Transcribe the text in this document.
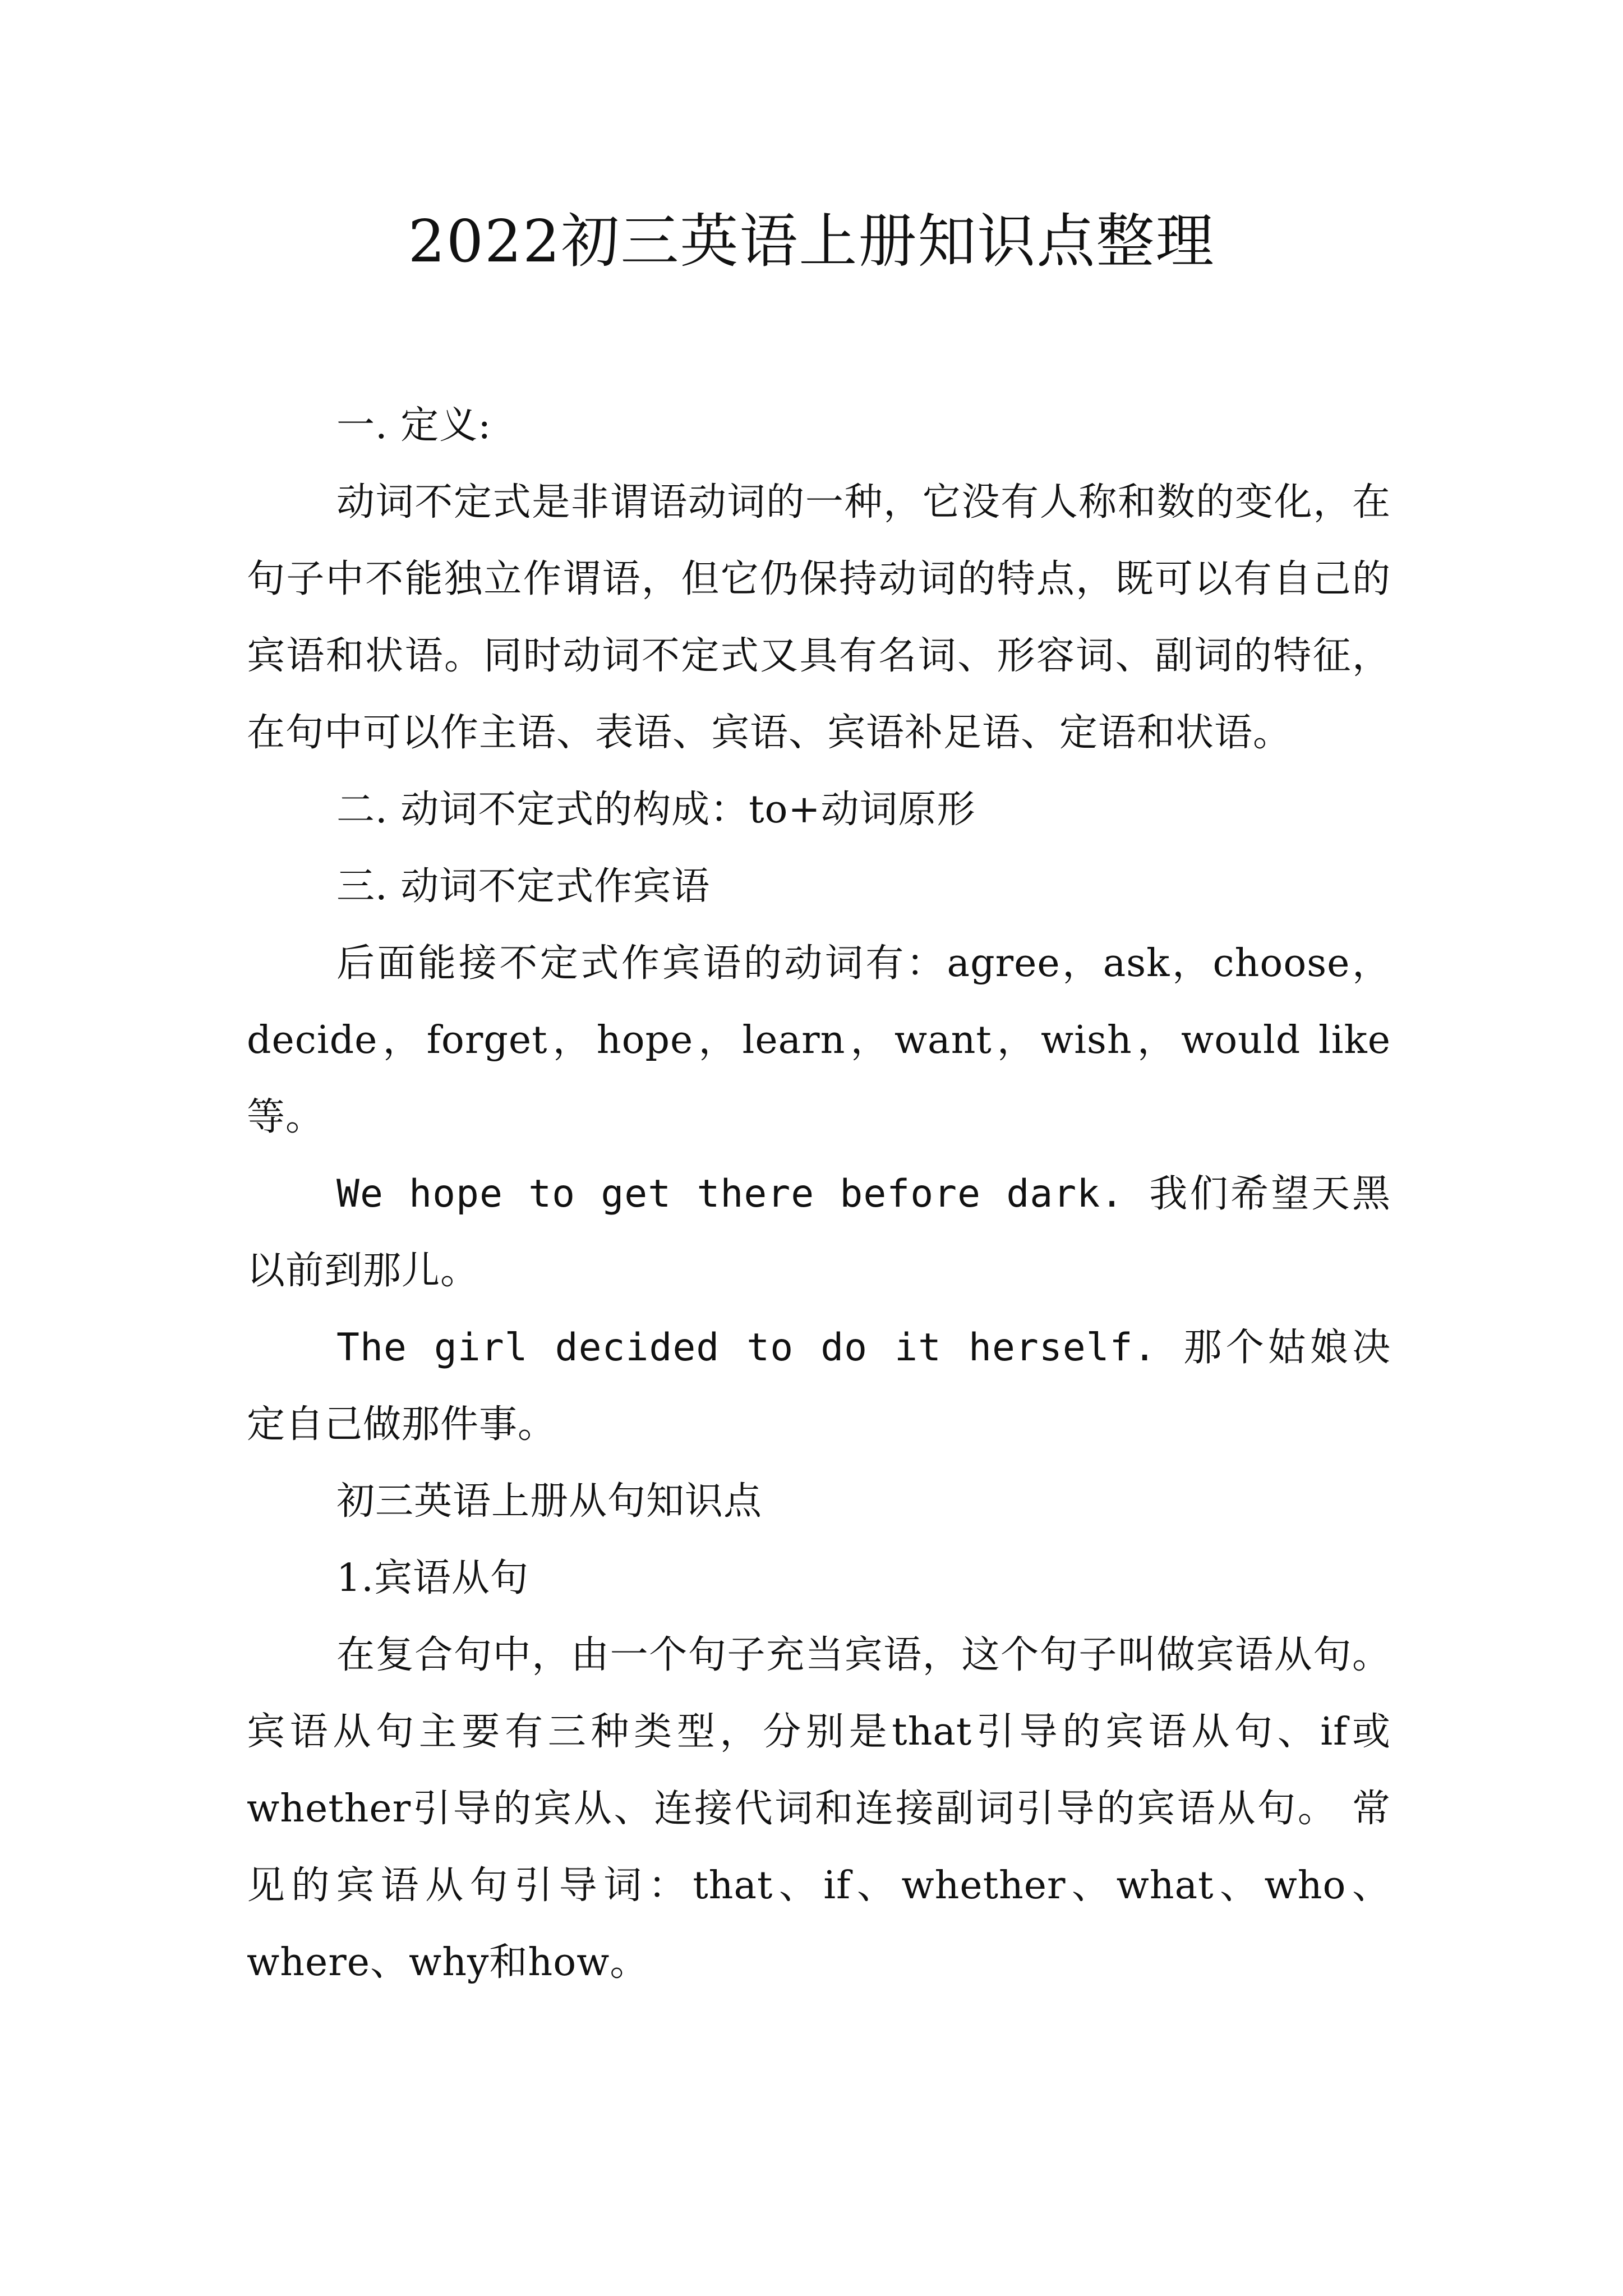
2022初三英语上册知识点整理

一. 定义:

动词不定式是非谓语动词的一种，它没有人称和数的变化，在句子中不能独立作谓语，但它仍保持动词的特点，既可以有自己的宾语和状语。同时动词不定式又具有名词、形容词、副词的特征，在句中可以作主语、表语、宾语、宾语补足语、定语和状语。

二. 动词不定式的构成：to+动词原形

三. 动词不定式作宾语

后面能接不定式作宾语的动词有：agree，ask，choose，decide，forget，hope，learn，want，wish，would like等。

We hope to get there before dark. 我们希望天黑以前到那儿。

The girl decided to do it herself. 那个姑娘决定自己做那件事。

初三英语上册从句知识点

1.宾语从句

在复合句中，由一个句子充当宾语，这个句子叫做宾语从句。宾语从句主要有三种类型，分别是that引导的宾语从句、if或whether引导的宾从、连接代词和连接副词引导的宾语从句。 常见的宾语从句引导词：that、if、whether、what、who、where、why和how。
